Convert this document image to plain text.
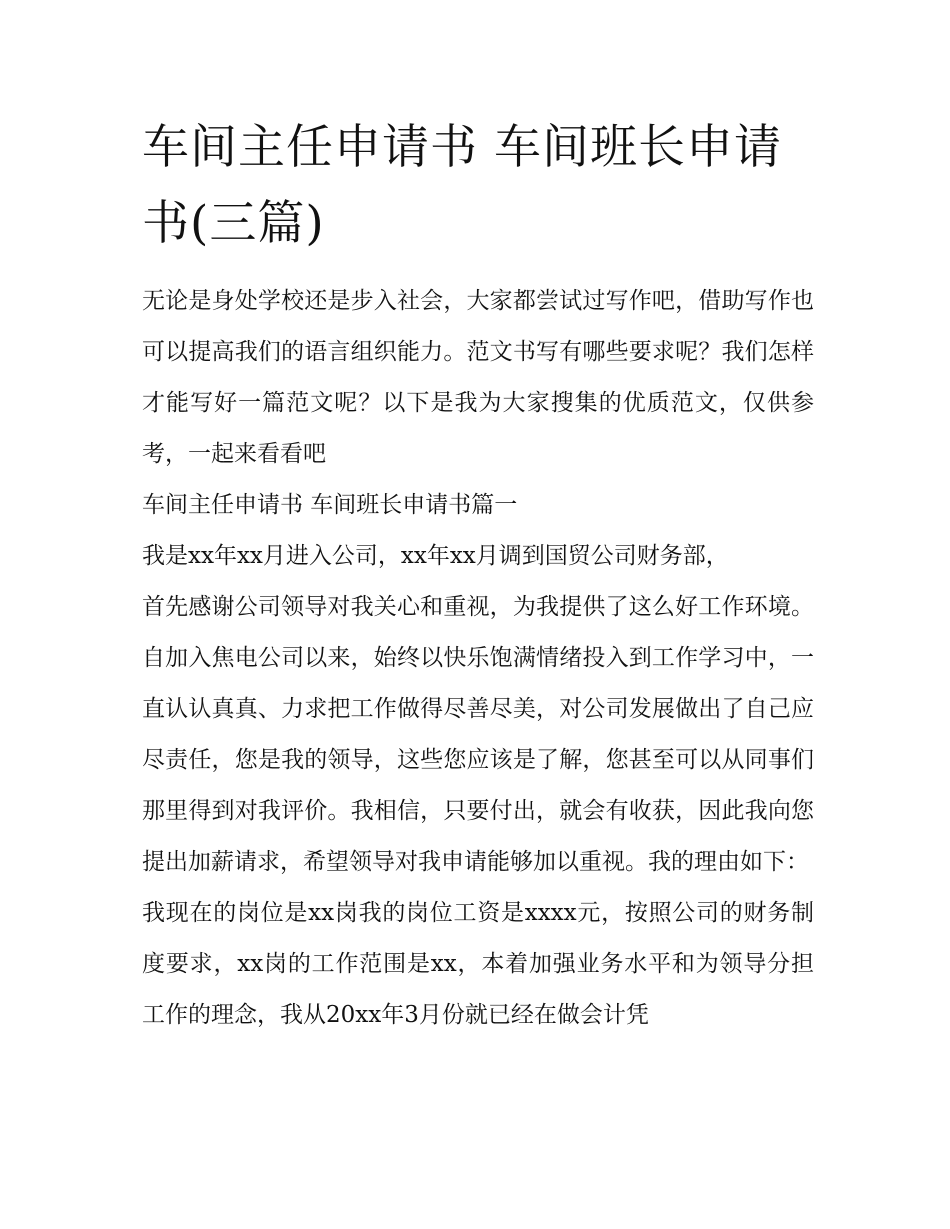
车间主任申请书 车间班长申请书(三篇)

无论是身处学校还是步入社会，大家都尝试过写作吧，借助写作也可以提高我们的语言组织能力。范文书写有哪些要求呢？我们怎样才能写好一篇范文呢？以下是我为大家搜集的优质范文，仅供参考，一起来看看吧

车间主任申请书 车间班长申请书篇一

我是xx年xx月进入公司，xx年xx月调到国贸公司财务部，

首先感谢公司领导对我关心和重视，为我提供了这么好工作环境。自加入焦电公司以来，始终以快乐饱满情绪投入到工作学习中，一直认认真真、力求把工作做得尽善尽美，对公司发展做出了自己应尽责任，您是我的领导，这些您应该是了解，您甚至可以从同事们那里得到对我评价。我相信，只要付出，就会有收获，因此我向您提出加薪请求，希望领导对我申请能够加以重视。我的理由如下：

我现在的岗位是xx岗我的岗位工资是xxxx元，按照公司的财务制度要求，xx岗的工作范围是xx，本着加强业务水平和为领导分担工作的理念，我从20xx年3月份就已经在做会计凭
